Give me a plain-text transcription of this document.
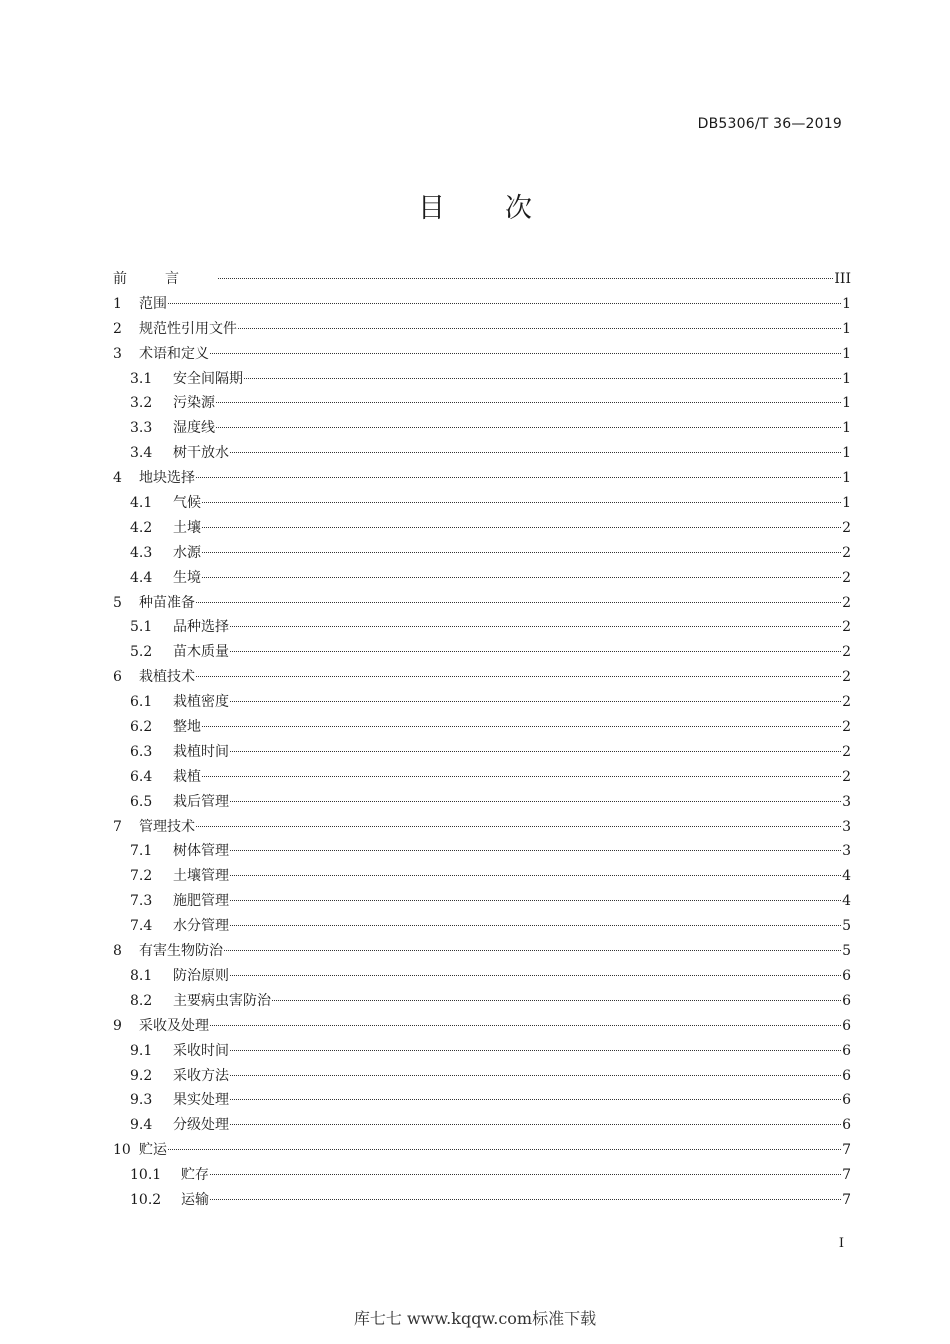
DB5306/T 36—2019
目次
前言	III
1	范围	1
2	规范性引用文件	1
3	术语和定义	1
3.1	安全间隔期	1
3.2	污染源	1
3.3	湿度线	1
3.4	树干放水	1
4	地块选择	1
4.1	气候	1
4.2	土壤	2
4.3	水源	2
4.4	生境	2
5	种苗准备	2
5.1	品种选择	2
5.2	苗木质量	2
6	栽植技术	2
6.1	栽植密度	2
6.2	整地	2
6.3	栽植时间	2
6.4	栽植	2
6.5	栽后管理	3
7	管理技术	3
7.1	树体管理	3
7.2	土壤管理	4
7.3	施肥管理	4
7.4	水分管理	5
8	有害生物防治	5
8.1	防治原则	6
8.2	主要病虫害防治	6
9	采收及处理	6
9.1	采收时间	6
9.2	采收方法	6
9.3	果实处理	6
9.4	分级处理	6
10 贮运	7
10.1	贮存	7
10.2	运输	7
I
库七七 www.kqqw.com标准下载
